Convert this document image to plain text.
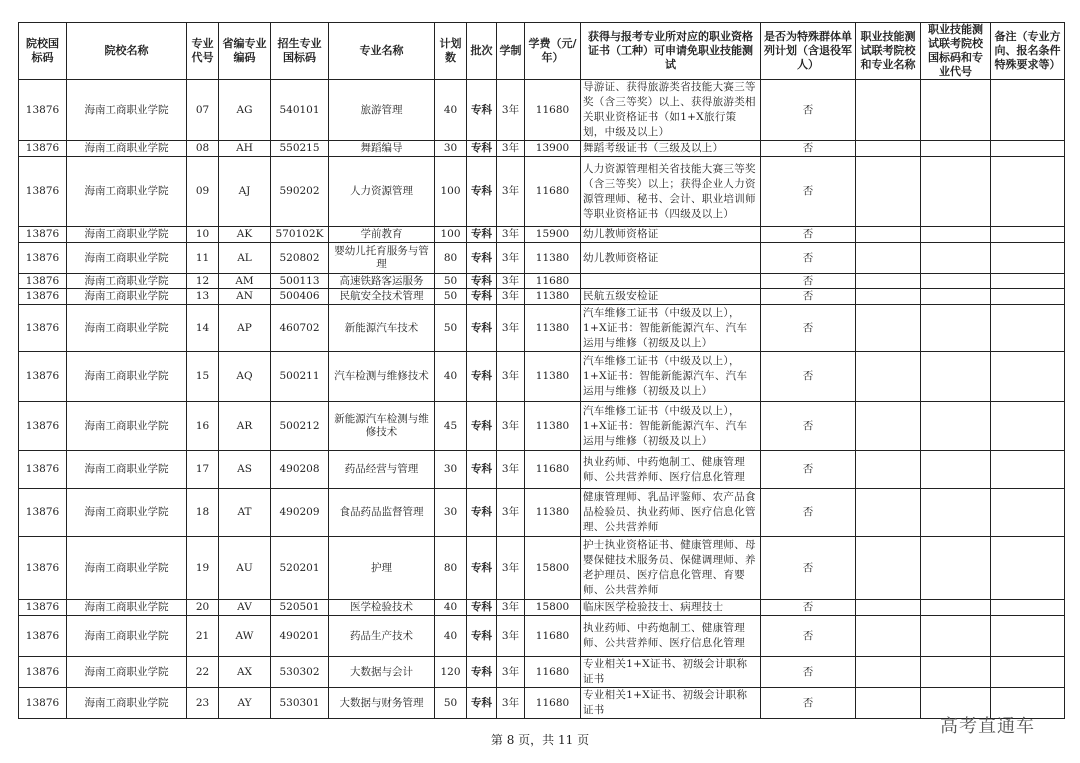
院校国标码	院校名称	专业代号	省编专业编码	招生专业国标码	专业名称	计划数	批次	学制	学费（元/年）	获得与报考专业所对应的职业资格证书（工种）可申请免职业技能测试	是否为特殊群体单列计划（含退役军人）	职业技能测试联考院校和专业名称	职业技能测试联考院校国标码和专业代号	备注（专业方向、报名条件特殊要求等）
13876	海南工商职业学院	07	AG	540101	旅游管理	40	专科	3年	11680	导游证、获得旅游类省技能大赛三等奖（含三等奖）以上、获得旅游类相关职业资格证书（如1+X旅行策划，中级及以上）	否			
13876	海南工商职业学院	08	AH	550215	舞蹈编导	30	专科	3年	13900	舞蹈考级证书（三级及以上）	否			
13876	海南工商职业学院	09	AJ	590202	人力资源管理	100	专科	3年	11680	人力资源管理相关省技能大赛三等奖（含三等奖）以上；获得企业人力资源管理师、秘书、会计、职业培训师等职业资格证书（四级及以上）	否			
13876	海南工商职业学院	10	AK	570102K	学前教育	100	专科	3年	15900	幼儿教师资格证	否			
13876	海南工商职业学院	11	AL	520802	婴幼儿托育服务与管理	80	专科	3年	11380	幼儿教师资格证	否			
13876	海南工商职业学院	12	AM	500113	高速铁路客运服务	50	专科	3年	11680		否			
13876	海南工商职业学院	13	AN	500406	民航安全技术管理	50	专科	3年	11380	民航五级安检证	否			
13876	海南工商职业学院	14	AP	460702	新能源汽车技术	50	专科	3年	11380	汽车维修工证书（中级及以上），1+X证书：智能新能源汽车、汽车运用与维修（初级及以上）	否			
13876	海南工商职业学院	15	AQ	500211	汽车检测与维修技术	40	专科	3年	11380	汽车维修工证书（中级及以上），1+X证书：智能新能源汽车、汽车运用与维修（初级及以上）	否			
13876	海南工商职业学院	16	AR	500212	新能源汽车检测与维修技术	45	专科	3年	11380	汽车维修工证书（中级及以上），1+X证书：智能新能源汽车、汽车运用与维修（初级及以上）	否			
13876	海南工商职业学院	17	AS	490208	药品经营与管理	30	专科	3年	11680	执业药师、中药炮制工、健康管理师、公共营养师、医疗信息化管理	否			
13876	海南工商职业学院	18	AT	490209	食品药品监督管理	30	专科	3年	11380	健康管理师、乳品评鉴师、农产品食品检验员、执业药师、医疗信息化管理、公共营养师	否			
13876	海南工商职业学院	19	AU	520201	护理	80	专科	3年	15800	护士执业资格证书、健康管理师、母婴保健技术服务员、保健调理师、养老护理员、医疗信息化管理、育婴师、公共营养师	否			
13876	海南工商职业学院	20	AV	520501	医学检验技术	40	专科	3年	15800	临床医学检验技士、病理技士	否			
13876	海南工商职业学院	21	AW	490201	药品生产技术	40	专科	3年	11680	执业药师、中药炮制工、健康管理师、公共营养师、医疗信息化管理	否			
13876	海南工商职业学院	22	AX	530302	大数据与会计	120	专科	3年	11680	专业相关1+X证书、初级会计职称证书	否			
13876	海南工商职业学院	23	AY	530301	大数据与财务管理	50	专科	3年	11680	专业相关1+X证书、初级会计职称证书	否			
第 8 页，共 11 页
高考直通车
